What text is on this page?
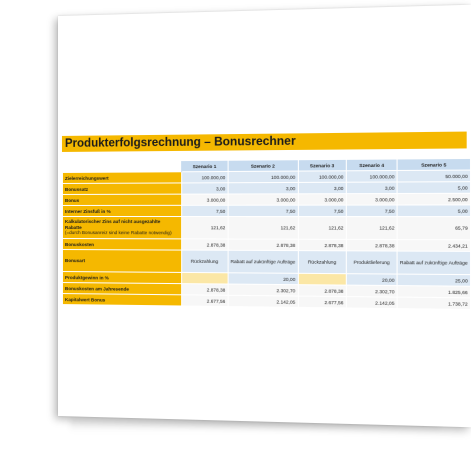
Produkterfolgsrechnung – Bonusrechner
	Szenario 1	Szenario 2	Szenario 3	Szenario 4	Szenario 5
Zielerreichungswert	100.000,00	100.000,00	100.000,00	100.000,00	50.000,00
Bonussatz	3,00	3,00	3,00	3,00	5,00
Bonus	3.000,00	3.000,00	3.000,00	3.000,00	2.500,00
Interner Zinsfuß in %	7,50	7,50	7,50	7,50	5,00
Kalkulatorischer Zins auf nicht ausgezahlte Rabatte
(=durch Bonusanreiz sind keine Rabatte notwendig)	121,62	121,62	121,62	121,62	65,79
Bonuskosten	2.878,38	2.878,38	2.878,38	2.878,38	2.434,21
Bonusart	Rückzahlung	Rabatt auf zukünftige Aufträge	Rückzahlung	Produktlieferung	Rabatt auf zukünftige Aufträge
Produktgewinn in %		20,00		20,00	25,00
Bonuskosten am Jahresende	2.878,38	2.302,70	2.878,38	2.302,70	1.825,66
Kapitalwert Bonus	2.677,56	2.142,05	2.677,56	2.142,05	1.738,72
